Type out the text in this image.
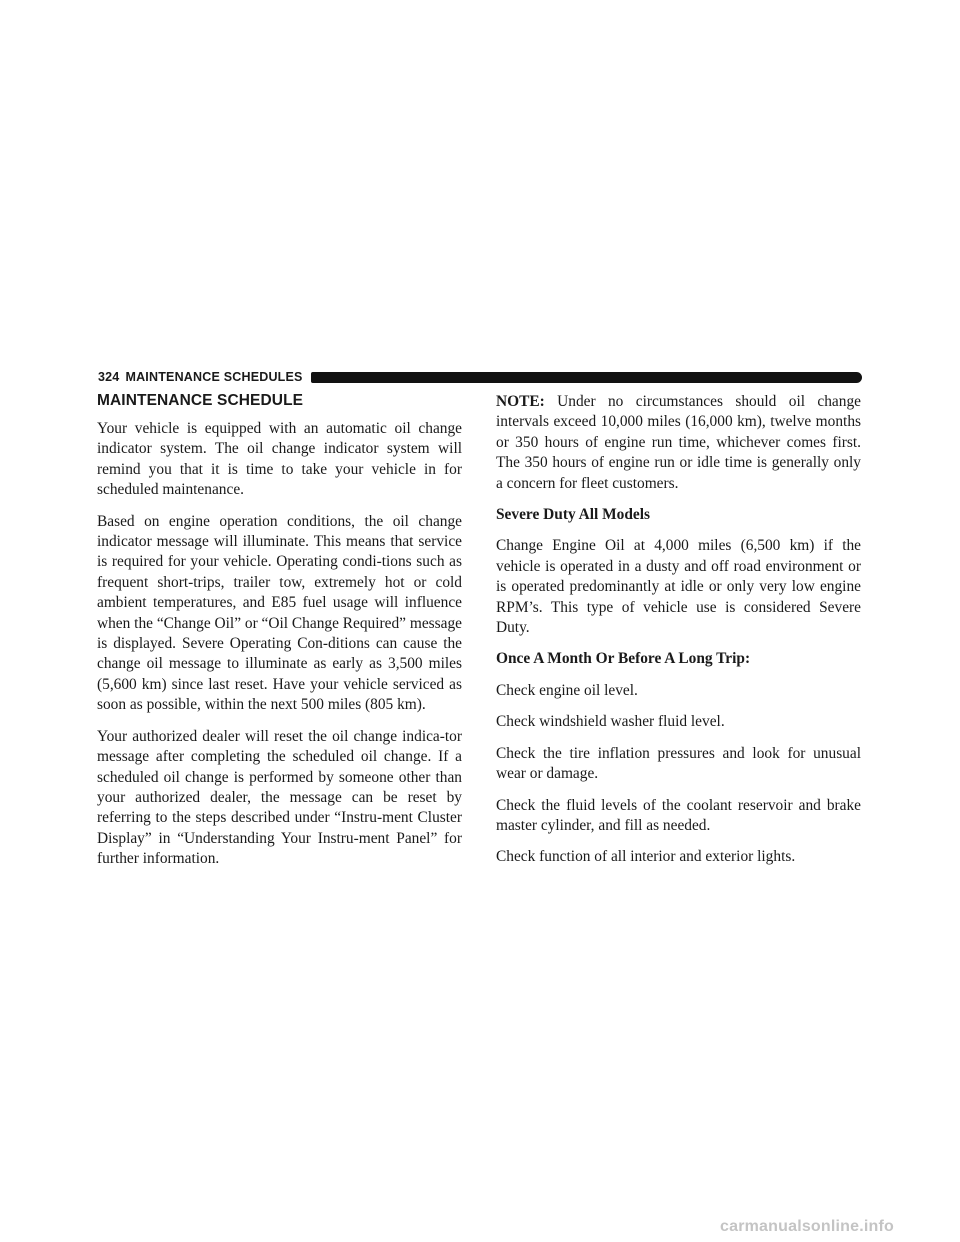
324 MAINTENANCE SCHEDULES
MAINTENANCE SCHEDULE

Your vehicle is equipped with an automatic oil change indicator system. The oil change indicator system will remind you that it is time to take your vehicle in for scheduled maintenance.

Based on engine operation conditions, the oil change indicator message will illuminate. This means that service is required for your vehicle. Operating condi-tions such as frequent short-trips, trailer tow, extremely hot or cold ambient temperatures, and E85 fuel usage will influence when the “Change Oil” or “Oil Change Required” message is displayed. Severe Operating Con-ditions can cause the change oil message to illuminate as early as 3,500 miles (5,600 km) since last reset. Have your vehicle serviced as soon as possible, within the next 500 miles (805 km).

Your authorized dealer will reset the oil change indica-tor message after completing the scheduled oil change. If a scheduled oil change is performed by someone other than your authorized dealer, the message can be reset by referring to the steps described under “Instru-ment Cluster Display” in “Understanding Your Instru-ment Panel” for further information.

NOTE: Under no circumstances should oil change intervals exceed 10,000 miles (16,000 km), twelve months or 350 hours of engine run time, whichever comes first. The 350 hours of engine run or idle time is generally only a concern for fleet customers.

Severe Duty All Models

Change Engine Oil at 4,000 miles (6,500 km) if the vehicle is operated in a dusty and off road environment or is operated predominantly at idle or only very low engine RPM’s. This type of vehicle use is considered Severe Duty.

Once A Month Or Before A Long Trip:

Check engine oil level.

Check windshield washer fluid level.

Check the tire inflation pressures and look for unusual wear or damage.

Check the fluid levels of the coolant reservoir and brake master cylinder, and fill as needed.

Check function of all interior and exterior lights.

carmanualsonline.info
